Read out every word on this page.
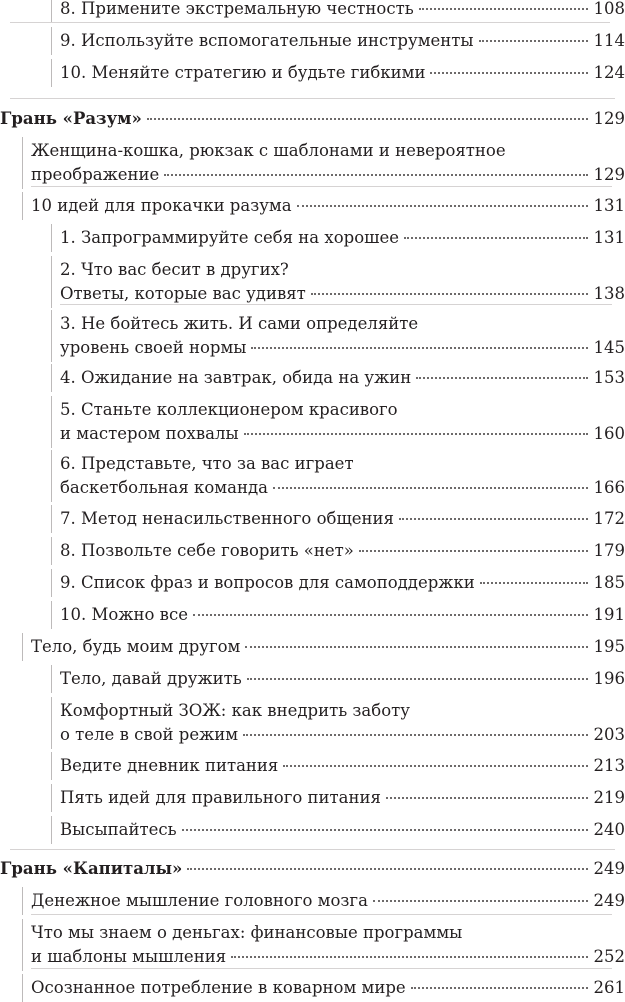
8. Примените экстремальную честность	108
9. Используйте вспомогательные инструменты	114
10. Меняйте стратегию и будьте гибкими	124
Грань «Разум»	129
Женщина-кошка, рюкзак с шаблонами и невероятное
преображение	129
10 идей для прокачки разума	131
1. Запрограммируйте себя на хорошее	131
2. Что вас бесит в других?
Ответы, которые вас удивят	138
3. Не бойтесь жить. И сами определяйте
уровень своей нормы	145
4. Ожидание на завтрак, обида на ужин	153
5. Станьте коллекционером красивого
и мастером похвалы	160
6. Представьте, что за вас играет
баскетбольная команда	166
7. Метод ненасильственного общения	172
8. Позвольте себе говорить «нет»	179
9. Список фраз и вопросов для самоподдержки	185
10. Можно все	191
Тело, будь моим другом	195
Тело, давай дружить	196
Комфортный ЗОЖ: как внедрить заботу
о теле в свой режим	203
Ведите дневник питания	213
Пять идей для правильного питания	219
Высыпайтесь	240
Грань «Капиталы»	249
Денежное мышление головного мозга	249
Что мы знаем о деньгах: финансовые программы
и шаблоны мышления	252
Осознанное потребление в коварном мире	261
